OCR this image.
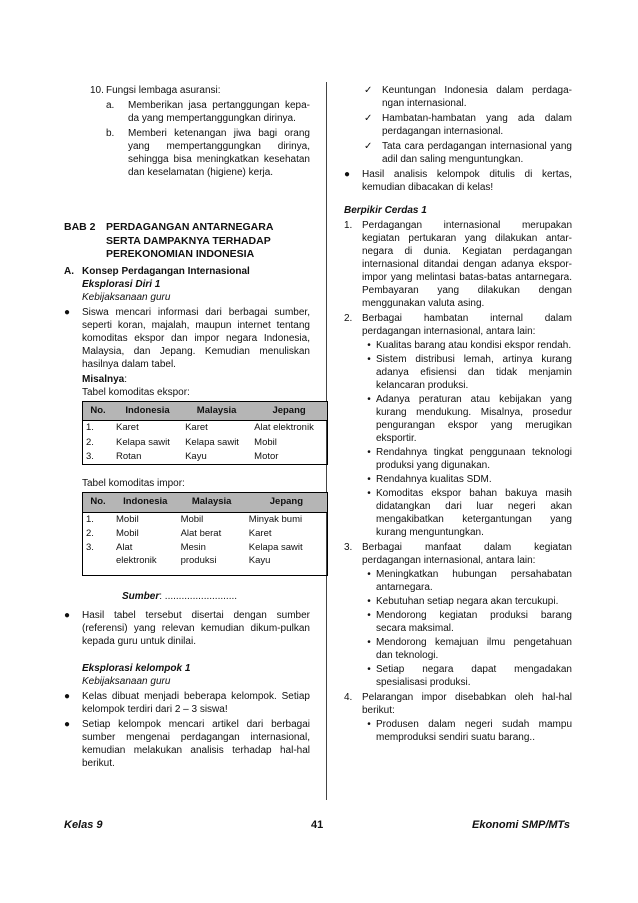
10. Fungsi lembaga asuransi:
a.	Memberikan jasa pertanggungan kepa-da yang mempertanggungkan dirinya.
b.	Memberi ketenangan jiwa bagi orang yang mempertanggungkan dirinya, sehingga bisa meningkatkan kesehatan dan keselamatan (higiene) kerja.
BAB 2 PERDAGANGAN ANTARNEGARA SERTA DAMPAKNYA TERHADAP PEREKONOMIAN INDONESIA
A. Konsep Perdagangan Internasional

Eksplorasi Diri 1

Kebijaksanaan guru

●	Siswa mencari informasi dari berbagai sumber, seperti koran, majalah, maupun internet tentang komoditas ekspor dan impor negara Indonesia, Malaysia, dan Jepang. Kemudian menuliskan hasilnya dalam tabel.

Misalnya:

Tabel komoditas ekspor:

No.	Indonesia	Malaysia	Jepang
1.	Karet	Karet	Alat elektronik
2.	Kelapa sawit	Kelapa sawit	Mobil
3.	Rotan	Kayu	Motor

Tabel komoditas impor:

No.	Indonesia	Malaysia	Jepang
1.	Mobil	Mobil	Minyak bumi
2.	Mobil	Alat berat	Karet
3.	Alat elektronik	Mesin produksi	Kelapa sawit Kayu

Sumber: ..........................

●	Hasil tabel tersebut disertai dengan sumber (referensi) yang relevan kemudian dikum-pulkan kepada guru untuk dinilai.

Eksplorasi kelompok 1

Kebijaksanaan guru

●	Kelas dibuat menjadi beberapa kelompok. Setiap kelompok terdiri dari 2 – 3 siswa!
●	Setiap kelompok mencari artikel dari berbagai sumber mengenai perdagangan internasional, kemudian melakukan analisis terhadap hal-hal berikut.
✓ Keuntungan Indonesia dalam perdaga-ngan internasional.
✓ Hambatan-hambatan yang ada dalam perdagangan internasional.
✓ Tata cara perdagangan internasional yang adil dan saling menguntungkan.
●	Hasil analisis kelompok ditulis di kertas, kemudian dibacakan di kelas!

Berpikir Cerdas 1

1. Perdagangan internasional merupakan kegiatan pertukaran yang dilakukan antar-negara di dunia. Kegiatan perdagangan internasional ditandai dengan adanya ekspor-impor yang melintasi batas-batas antarnegara. Pembayaran yang dilakukan dengan menggunakan valuta asing.
2. Berbagai hambatan internal dalam perdagangan internasional, antara lain:
• Kualitas barang atau kondisi ekspor rendah.
• Sistem distribusi lemah, artinya kurang adanya efisiensi dan tidak menjamin kelancaran produksi.
• Adanya peraturan atau kebijakan yang kurang mendukung. Misalnya, prosedur pengurangan ekspor yang merugikan eksportir.
• Rendahnya tingkat penggunaan teknologi produksi yang digunakan.
• Rendahnya kualitas SDM.
• Komoditas ekspor bahan bakuya masih didatangkan dari luar negeri akan mengakibatkan ketergantungan yang kurang menguntungkan.
3. Berbagai manfaat dalam kegiatan perdagangan internasional, antara lain:
• Meningkatkan hubungan persahabatan antarnegara.
• Kebutuhan setiap negara akan tercukupi.
• Mendorong kegiatan produksi barang secara maksimal.
• Mendorong kemajuan ilmu pengetahuan dan teknologi.
• Setiap negara dapat mengadakan spesialisasi produksi.
4. Pelarangan impor disebabkan oleh hal-hal berikut:
• Produsen dalam negeri sudah mampu memproduksi sendiri suatu barang..
Kelas 9	41	Ekonomi SMP/MTs
